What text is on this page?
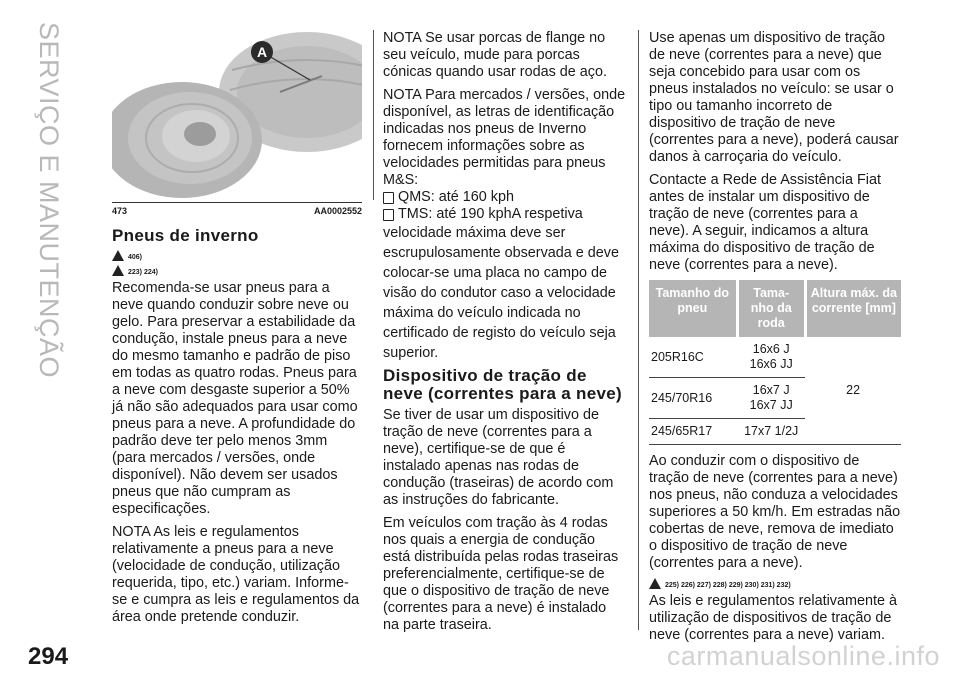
SERVIÇO E MANUTENÇÃO	A
473	AA0002552
Pneus de inverno
406)
223) 224)

Recomenda-se usar pneus para a neve quando conduzir sobre neve ou gelo. Para preservar a estabilidade da condução, instale pneus para a neve do mesmo tamanho e padrão de piso em todas as quatro rodas. Pneus para a neve com desgaste superior a 50% já não são adequados para usar como pneus para a neve. A profundidade do padrão deve ter pelo menos 3mm (para mercados / versões, onde disponível). Não devem ser usados pneus que não cumpram as especificações.

NOTA As leis e regulamentos relativamente a pneus para a neve (velocidade de condução, utilização requerida, tipo, etc.) variam. Informe-se e cumpra as leis e regulamentos da área onde pretende conduzir.

NOTA Se usar porcas de flange no seu veículo, mude para porcas cónicas quando usar rodas de aço.

NOTA Para mercados / versões, onde disponível, as letras de identificação indicadas nos pneus de Inverno fornecem informações sobre as velocidades permitidas para pneus M&S:

QMS: até 160 kph
TMS: até 190 kphA respetiva

velocidade máxima deve ser escrupulosamente observada e deve colocar-se uma placa no campo de visão do condutor caso a velocidade máxima do veículo indicada no certificado de registo do veículo seja superior.

Dispositivo de tração de neve (correntes para a neve)

Se tiver de usar um dispositivo de tração de neve (correntes para a neve), certifique-se de que é instalado apenas nas rodas de condução (traseiras) de acordo com as instruções do fabricante.

Em veículos com tração às 4 rodas nos quais a energia de condução está distribuída pelas rodas traseiras preferencialmente, certifique-se de que o dispositivo de tração de neve (correntes para a neve) é instalado na parte traseira.

Use apenas um dispositivo de tração de neve (correntes para a neve) que seja concebido para usar com os pneus instalados no veículo: se usar o tipo ou tamanho incorreto de dispositivo de tração de neve (correntes para a neve), poderá causar danos à carroçaria do veículo.

Contacte a Rede de Assistência Fiat antes de instalar um dispositivo de tração de neve (correntes para a neve). A seguir, indicamos a altura máxima do dispositivo de tração de neve (correntes para a neve).

Tamanho do pneu	Tama- nho da roda	Altura máx. da corrente [mm]
205R16C	16x6 J 16x6 JJ	22
245/70R16	16x7 J 16x7 JJ	
245/65R17	17x7 1/2J	

Ao conduzir com o dispositivo de tração de neve (correntes para a neve) nos pneus, não conduza a velocidades superiores a 50 km/h. Em estradas não cobertas de neve, remova de imediato o dispositivo de tração de neve (correntes para a neve).

225) 226) 227) 228) 229) 230) 231) 232)

As leis e regulamentos relativamente à utilização de dispositivos de tração de neve (correntes para a neve) variam.

294	carmanualsonline.info
